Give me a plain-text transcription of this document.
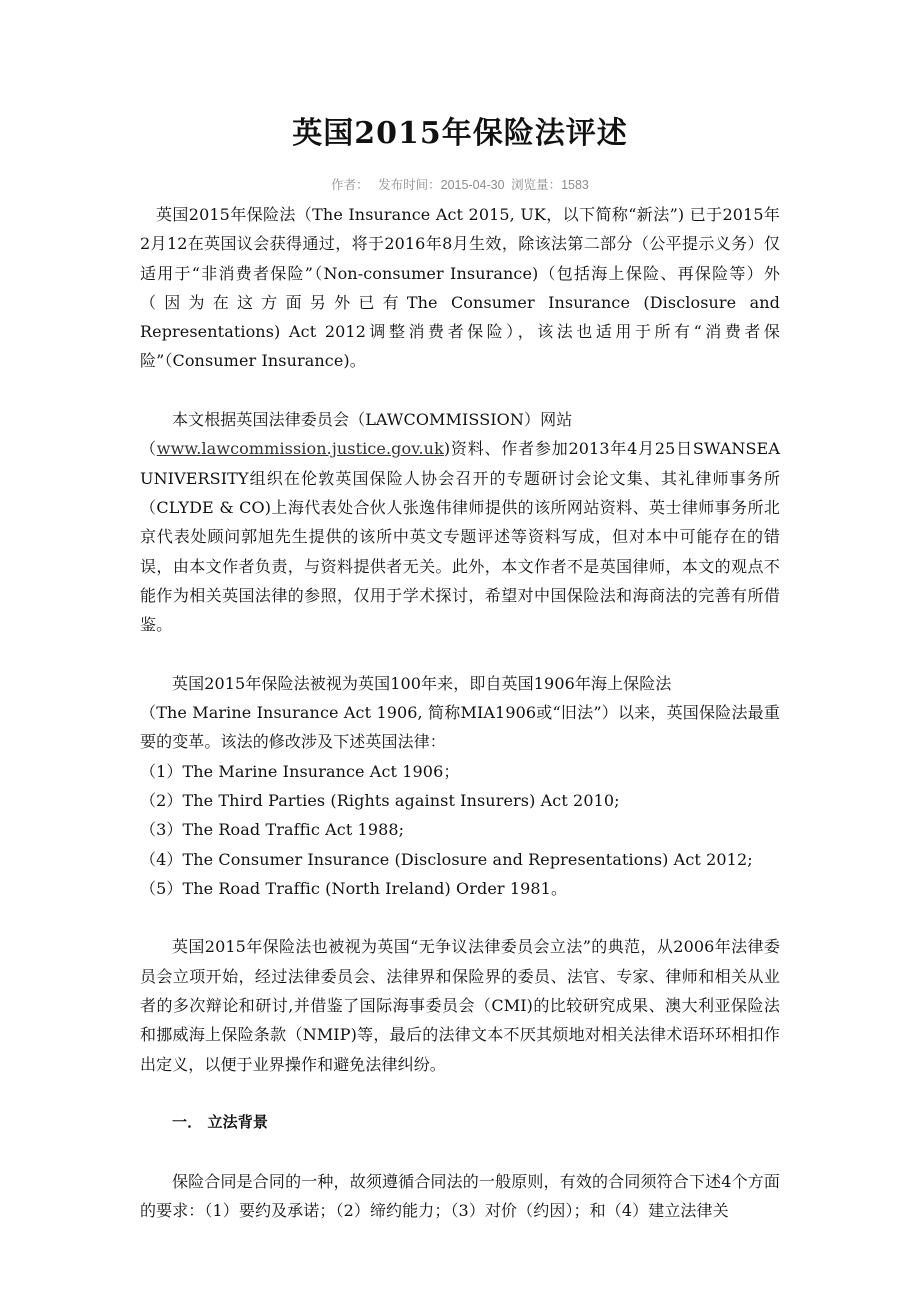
英国2015年保险法评述
作者： 发布时间：2015-04-30 浏览量：1583

英国2015年保险法（The Insurance Act 2015, UK，以下简称“新法”) 已于2015年2月12在英国议会获得通过，将于2016年8月生效，除该法第二部分（公平提示义务）仅适用于“非消费者保险”（Non-consumer Insurance)（包括海上保险、再保险等）外（因为在这方面另外已有The Consumer Insurance (Disclosure and Representations) Act 2012调整消费者保险），该法也适用于所有“消费者保险”（Consumer Insurance)。

本文根据英国法律委员会（LAWCOMMISSION）网站

（www.lawcommission.justice.gov.uk)资料、作者参加2013年4月25日SWANSEA UNIVERSITY组织在伦敦英国保险人协会召开的专题研讨会论文集、其礼律师事务所（CLYDE & CO)上海代表处合伙人张逸伟律师提供的该所网站资料、英士律师事务所北京代表处顾问郭旭先生提供的该所中英文专题评述等资料写成，但对本中可能存在的错误，由本文作者负责，与资料提供者无关。此外，本文作者不是英国律师，本文的观点不能作为相关英国法律的参照，仅用于学术探讨，希望对中国保险法和海商法的完善有所借鉴。

英国2015年保险法被视为英国100年来，即自英国1906年海上保险法

（The Marine Insurance Act 1906, 简称MIA1906或“旧法”）以来，英国保险法最重要的变革。该法的修改涉及下述英国法律：

（1）The Marine Insurance Act 1906；

（2）The Third Parties (Rights against Insurers) Act 2010;

（3）The Road Traffic Act 1988;

（4）The Consumer Insurance (Disclosure and Representations) Act 2012;

（5）The Road Traffic (North Ireland) Order 1981。

英国2015年保险法也被视为英国“无争议法律委员会立法”的典范，从2006年法律委员会立项开始，经过法律委员会、法律界和保险界的委员、法官、专家、律师和相关从业者的多次辩论和研讨,并借鉴了国际海事委员会（CMI)的比较研究成果、澳大利亚保险法和挪威海上保险条款（NMIP)等，最后的法律文本不厌其烦地对相关法律术语环环相扣作出定义，以便于业界操作和避免法律纠纷。

一． 立法背景

保险合同是合同的一种，故须遵循合同法的一般原则，有效的合同须符合下述4个方面的要求：（1）要约及承诺；（2）缔约能力；（3）对价（约因）；和（4）建立法律关
